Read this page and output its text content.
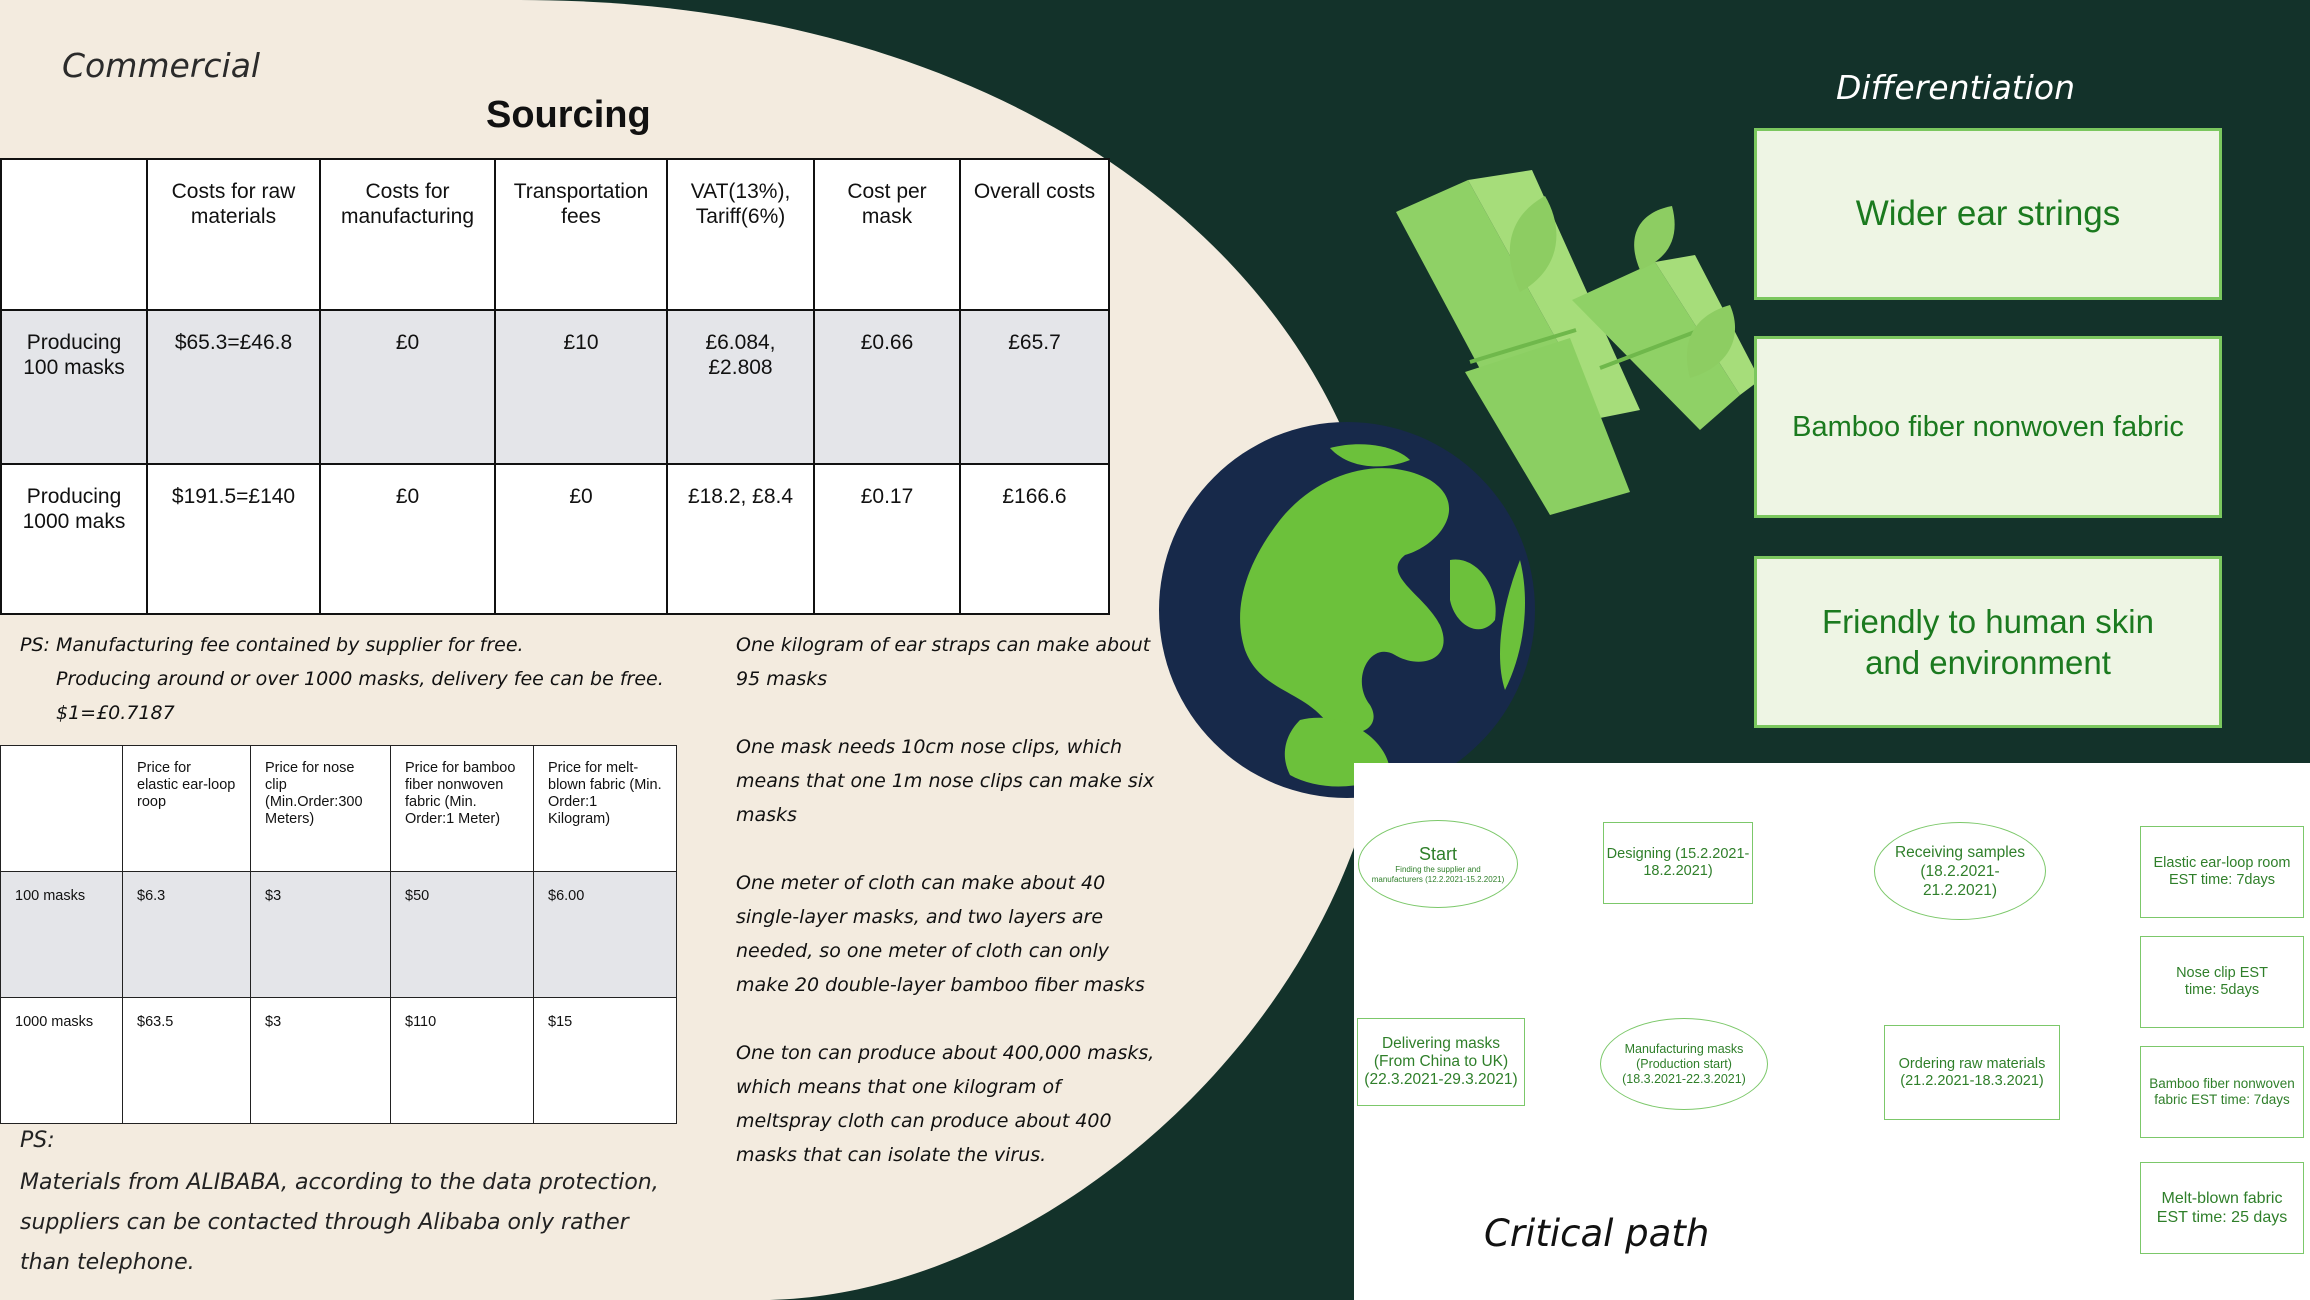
Commercial
Sourcing
Differentiation
	Costs for raw materials	Costs for manufacturing	Transportation fees	VAT(13%), Tariff(6%)	Cost per mask	Overall costs
Producing 100 masks	$65.3=£46.8	£0	£10	£6.084, £2.808	£0.66	£65.7
Producing 1000 maks	$191.5=£140	£0	£0	£18.2, £8.4	£0.17	£166.6
PS: Manufacturing fee contained by supplier for free.
Producing around or over 1000 masks, delivery fee can be free.
$1=£0.7187
	Price for elastic ear-loop roop	Price for nose clip (Min.Order:300 Meters)	Price for bamboo fiber nonwoven fabric (Min. Order:1 Meter)	Price for melt-blown fabric (Min. Order:1 Kilogram)
100 masks	$6.3	$3	$50	$6.00
1000 masks	$63.5	$3	$110	$15
PS:
Materials from ALIBABA, according to the data protection, suppliers can be contacted through Alibaba only rather than telephone.

One kilogram of ear straps can make about 95 masks

One mask needs 10cm nose clips, which means that one 1m nose clips can make six masks

One meter of cloth can make about 40 single-layer masks, and two layers are needed, so one meter of cloth can only make 20 double-layer bamboo fiber masks

One ton can produce about 400,000 masks, which means that one kilogram of meltspray cloth can produce about 400 masks that can isolate the virus.

Wider ear strings
Bamboo fiber nonwoven fabric
Friendly to human skin and environment
Start
Finding the supplier and manufacturers (12.2.2021-15.2.2021)
Designing (15.2.2021-18.2.2021)
Receiving samples (18.2.2021-21.2.2021)
Ordering raw materials (21.2.2021-18.3.2021)
Manufacturing masks (Production start) (18.3.2021-22.3.2021)
Delivering masks (From China to UK) (22.3.2021-29.3.2021)
Elastic ear-loop room EST time: 7days
Nose clip EST time: 5days
Bamboo fiber nonwoven fabric EST time: 7days
Melt-blown fabric EST time: 25 days
Critical path
